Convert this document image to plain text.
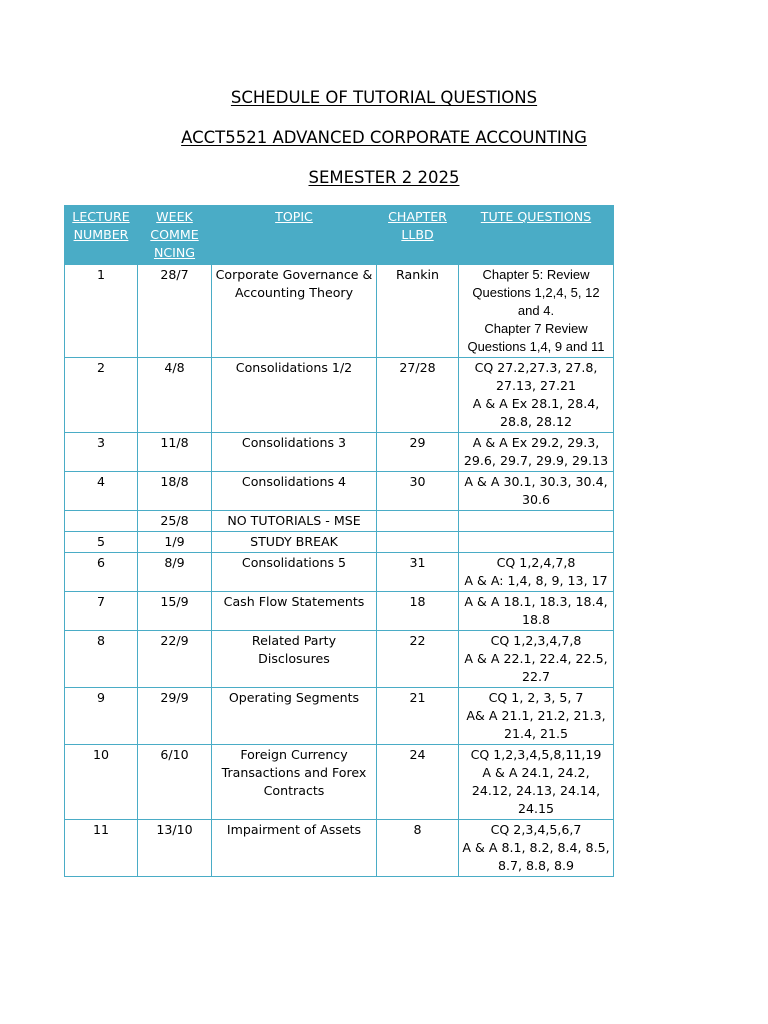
SCHEDULE OF TUTORIAL QUESTIONS
ACCT5521 ADVANCED CORPORATE ACCOUNTING
SEMESTER 2 2025
LECTURE NUMBER	WEEK COMME NCING	TOPIC	CHAPTER LLBD	TUTE QUESTIONS
1	28/7	Corporate Governance & Accounting Theory	Rankin	Chapter 5: Review Questions 1,2,4, 5, 12 and 4.
Chapter 7 Review Questions 1,4, 9 and 11

2	4/8	Consolidations 1/2	27/28	CQ 27.2,27.3, 27.8, 27.13, 27.21
A & A Ex 28.1, 28.4, 28.8, 28.12

3	11/8	Consolidations 3	29	A & A Ex 29.2, 29.3, 29.6, 29.7, 29.9, 29.13

4	18/8	Consolidations 4	30	A & A 30.1, 30.3, 30.4, 30.6

	25/8	NO TUTORIALS - MSE		
5	1/9	STUDY BREAK		
6	8/9	Consolidations 5	31	CQ 1,2,4,7,8
A & A: 1,4, 8, 9, 13, 17

7	15/9	Cash Flow Statements	18	A & A 18.1, 18.3, 18.4, 18.8

8	22/9	Related Party Disclosures	22	CQ 1,2,3,4,7,8
A & A 22.1, 22.4, 22.5, 22.7

9	29/9	Operating Segments	21	CQ 1, 2, 3, 5, 7
A& A 21.1, 21.2, 21.3, 21.4, 21.5

10	6/10	Foreign Currency Transactions and Forex Contracts	24	CQ 1,2,3,4,5,8,11,19
A & A 24.1, 24.2, 24.12, 24.13, 24.14, 24.15

11	13/10	Impairment of Assets	8	CQ 2,3,4,5,6,7
A & A 8.1, 8.2, 8.4, 8.5, 8.7, 8.8, 8.9
